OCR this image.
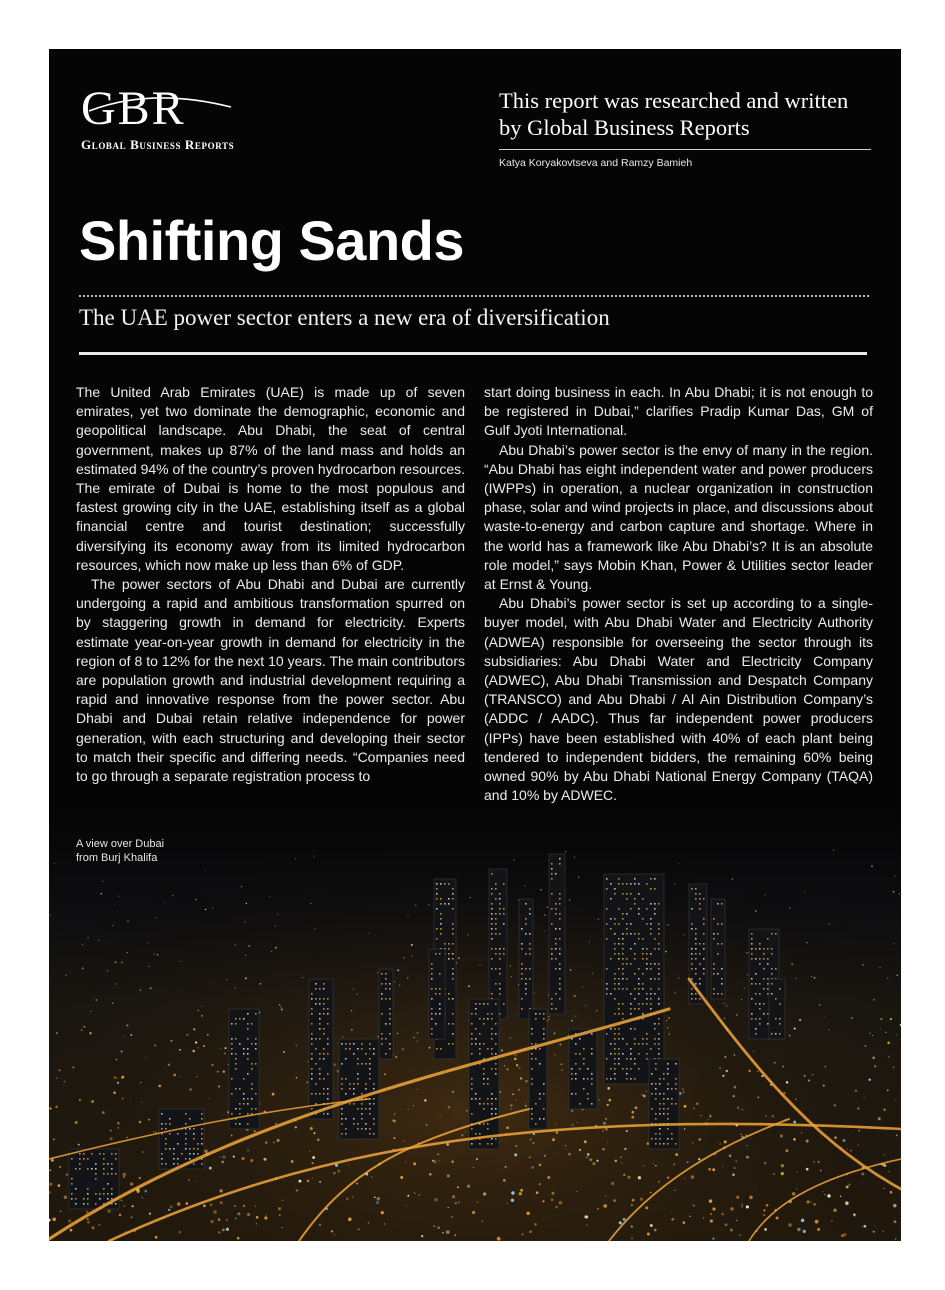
GBR
Global Business Reports
This report was researched and written by Global Business Reports
Katya Koryakovtseva and Ramzy Bamieh
Shifting Sands
The UAE power sector enters a new era of diversification

The United Arab Emirates (UAE) is made up of seven emirates, yet two dominate the demographic, economic and geopolitical landscape. Abu Dhabi, the seat of central government, makes up 87% of the land mass and holds an estimated 94% of the country’s proven hydrocarbon resources. The emirate of Dubai is home to the most populous and fastest growing city in the UAE, establishing itself as a global financial centre and tourist destination; successfully diversifying its economy away from its limited hydrocarbon resources, which now make up less than 6% of GDP.

The power sectors of Abu Dhabi and Dubai are currently undergoing a rapid and ambitious transformation spurred on by staggering growth in demand for electricity. Experts estimate year-on-year growth in demand for electricity in the region of 8 to 12% for the next 10 years. The main contributors are population growth and industrial development requiring a rapid and innovative response from the power sector. Abu Dhabi and Dubai retain relative independence for power generation, with each structuring and developing their sector to match their specific and differing needs. “Companies need to go through a separate registration process to

start doing business in each. In Abu Dhabi; it is not enough to be registered in Dubai,” clarifies Pradip Kumar Das, GM of Gulf Jyoti International.

Abu Dhabi’s power sector is the envy of many in the region. “Abu Dhabi has eight independent water and power producers (IWPPs) in operation, a nuclear organization in construction phase, solar and wind projects in place, and discussions about waste-to-energy and carbon capture and shortage. Where in the world has a framework like Abu Dhabi’s? It is an absolute role model,” says Mobin Khan, Power & Utilities sector leader at Ernst & Young.

Abu Dhabi’s power sector is set up according to a single-buyer model, with Abu Dhabi Water and Electricity Authority (ADWEA) responsible for overseeing the sector through its subsidiaries: Abu Dhabi Water and Electricity Company (ADWEC), Abu Dhabi Transmission and Despatch Company (TRANSCO) and Abu Dhabi / Al Ain Distribution Company’s (ADDC / AADC). Thus far independent power producers (IPPs) have been established with 40% of each plant being tendered to independent bidders, the remaining 60% being owned 90% by Abu Dhabi National Energy Company (TAQA) and 10% by ADWEC.

A view over Dubai
from Burj Khalifa
